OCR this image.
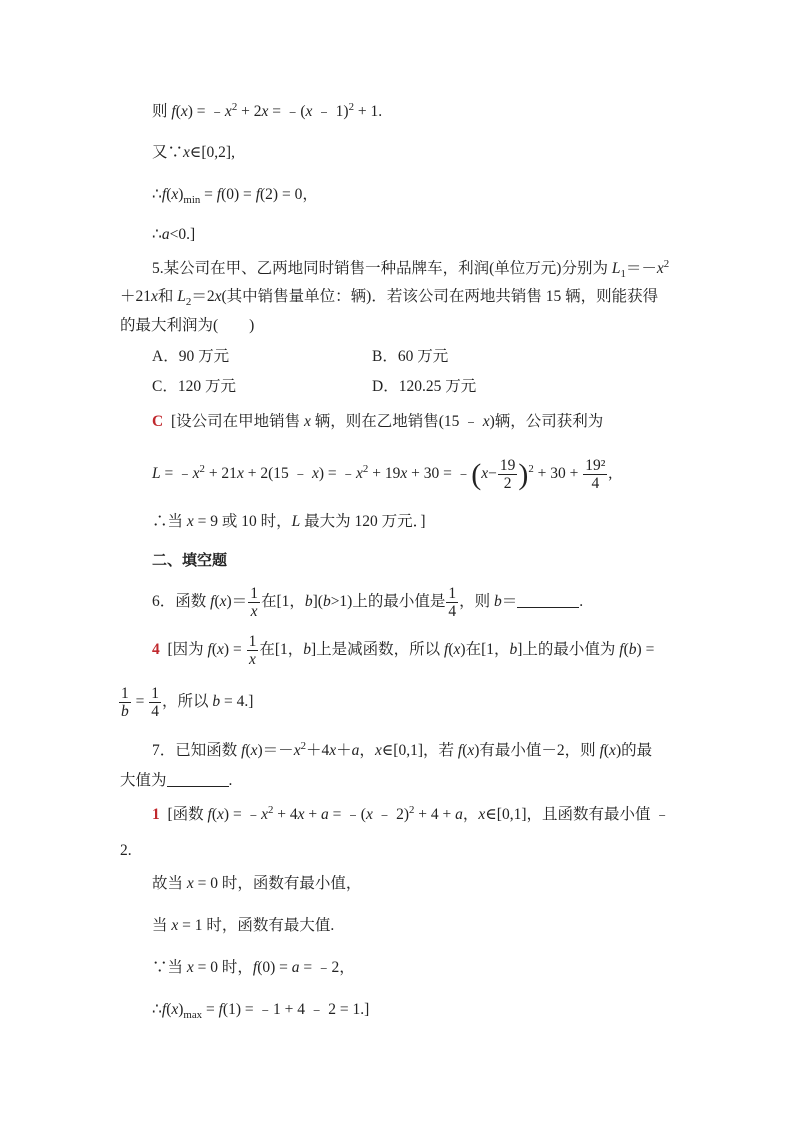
则 $f(x) = ﹣x^2 + 2x$ = ﹣(x ﹣ 1)$^2$ + 1.
又∵x∈[0,2],
$\therefore f(x)_{min} = f(0) = f(2) = 0$，
∴a<0.]
5.某公司在甲、乙两地同时销售一种品牌车，利润(单位万元)分别为 $L_1=-x^2$
＋21x和 $L_2=2x$(其中销售量单位：辆)．若该公司在两地共销售 15 辆，则能获得
的最大利润为(　　)
A．90 万元	B．60 万元
C．120 万元	D．120.25 万元
C [设公司在甲地销售 x 辆，则在乙地销售(15 ﹣ x)辆，公司获利为
$L = ﹣x^2 + 21x + 2(15$ ﹣ $x) = ﹣x^2 + 19x + 30$ = ﹣(x− $\frac{19}{2} )^2 + 30 + \frac{\text{19²}}{4}$ ,
∴当 x = 9 或 10 时，L 最大为 120 万元．]
二、填空题
6．函数 $f(x)= \frac{1}{x}$ 在[1，b](b>1)上的最小值是 $\frac{1}{4}$ ，则 b＝	.
4 [因为 $f(x) = \frac{1}{x}$ 在[1，b]上是减函数，所以 f(x)在[1，b]上的最小值为 f(b) =
$\frac{1}{b} = \frac{1}{4}$ ，所以 b = 4.]
7．已知函数 $f(x)=-x^2+4x+a$，x∈[0,1]，若 f(x)有最小值－2，则 f(x)的最
大值为	.
1 [函数 $f(x) = ﹣x^2 + 4x + a$ = ﹣(x ﹣ 2)$^2$ + 4 + a，x∈[0,1]，且函数有最小值 ﹣
2.
故当 x = 0 时，函数有最小值，
当 x = 1 时，函数有最大值.
∵当 x = 0 时，f(0) = a = ﹣2，
$\therefore f(x)_{max} = f(1)$ = ﹣1 + 4 ﹣ 2 = 1.]
